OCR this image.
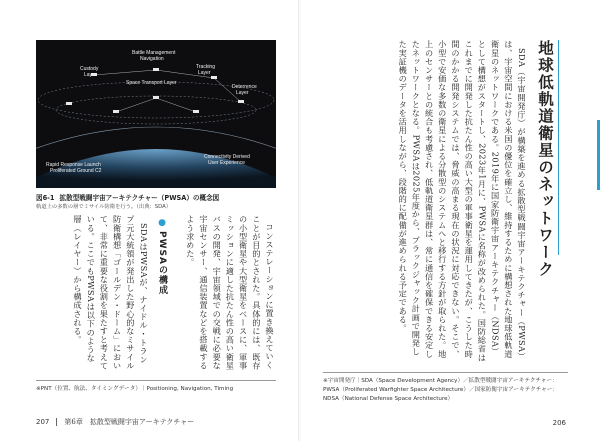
Battle Management
Navigation
Space Transport Layer
Custody
Layer
Tracking
Layer
Deterrence
Layer
Rapid Response Launch
Proliferated Ground C2
Connectivity Derived
User Experience
図6-1 拡散型戦闘宇宙アーキテクチャー（PWSA）の概念図
軌道上の多数の層でミサイル防衛を行う。（出典：SDA）

コンステレーションに置き換えていくことが目的とされた。具体的には、既存の小型衛星や大型衛星をベースに、軍事ミッションに適した抗たん性の高い衛星バスの開発、宇宙領域での交戦に必要な宇宙センサー、通信装置などを搭載するよう求めた。

●PWSAの構成

SDAはPWSAが、ナイドル・トランプ元大統領が発出した野心的なミサイル防衛構想「ゴールデン・ドーム」において、非常に重要な役割を果たすと考えている。ここでもPWSAは以下のような層（レイヤー）から構成される。

※PNT（位置、航法、タイミングデータ）｜Positioning, Navigation, Timing
207 第6章　拡散型戦闘宇宙アーキテクチャー
地球低軌道衛星のネットワーク

SDA（宇宙開発庁）が構築を進める拡散型戦闘宇宙アーキテクチャー（PWSA）は、宇宙空間における米国の優位を確立し、維持するために構想された地球低軌道衛星のネットワークである。2019年に国家防衛宇宙アーキテクチャー（NDSA）として構想がスタートし、2023年1月に、PWSAに名称が改められた。国防総省はこれまでに開発した抗たん性の高い大型の軍事衛星を運用してきたが、こうした時間のかかる開発システムでは、脅威の高まる現在の状況に対応できない。そこで、小型で安価な多数の衛星による分散型のシステムへと移行する方針が取られた。地上のセンサーとの統合も考慮され、低軌道衛星群は、常に通信を確保できる安定したネットワークとなる。PWSAは2025年度から、ブラックジャック計画で開発した実証機のデータを活用しながら、段階的に配備が進められる予定である。

※宇宙開発庁｜SDA（Space Development Agency）／拡散型戦闘宇宙アーキテクチャー：PWSA（Proliferated Warfighter Space Architecture）／国家防衛宇宙アーキテクチャー：NDSA（National Defense Space Architecture）
206
